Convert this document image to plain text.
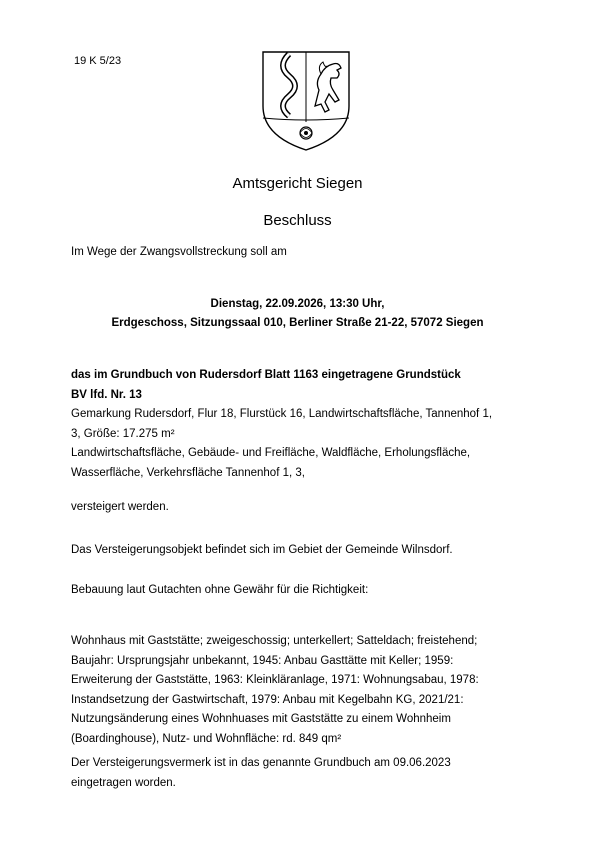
19 K 5/23
Amtsgericht Siegen
Beschluss
Im Wege der Zwangsvollstreckung soll am
Dienstag, 22.09.2026, 13:30 Uhr,
Erdgeschoss, Sitzungssaal 010, Berliner Straße 21-22, 57072 Siegen
das im Grundbuch von Rudersdorf Blatt 1163 eingetragene Grundstück
BV lfd. Nr. 13
Gemarkung Rudersdorf, Flur 18, Flurstück 16, Landwirtschaftsfläche, Tannenhof 1,
3, Größe: 17.275 m²
Landwirtschaftsfläche, Gebäude- und Freifläche, Waldfläche, Erholungsfläche,
Wasserfläche, Verkehrsfläche Tannenhof 1, 3,
versteigert werden.
Das Versteigerungsobjekt befindet sich im Gebiet der Gemeinde Wilnsdorf.
Bebauung laut Gutachten ohne Gewähr für die Richtigkeit:
Wohnhaus mit Gaststätte; zweigeschossig; unterkellert; Satteldach; freistehend;
Baujahr: Ursprungsjahr unbekannt, 1945: Anbau Gasttätte mit Keller; 1959:
Erweiterung der Gaststätte, 1963: Kleinkläranlage, 1971: Wohnungsabau, 1978:
Instandsetzung der Gastwirtschaft, 1979: Anbau mit Kegelbahn KG, 2021/21:
Nutzungsänderung eines Wohnhuases mit Gaststätte zu einem Wohnheim
(Boardinghouse), Nutz- und Wohnfläche: rd. 849 qm²
Der Versteigerungsvermerk ist in das genannte Grundbuch am 09.06.2023
eingetragen worden.
